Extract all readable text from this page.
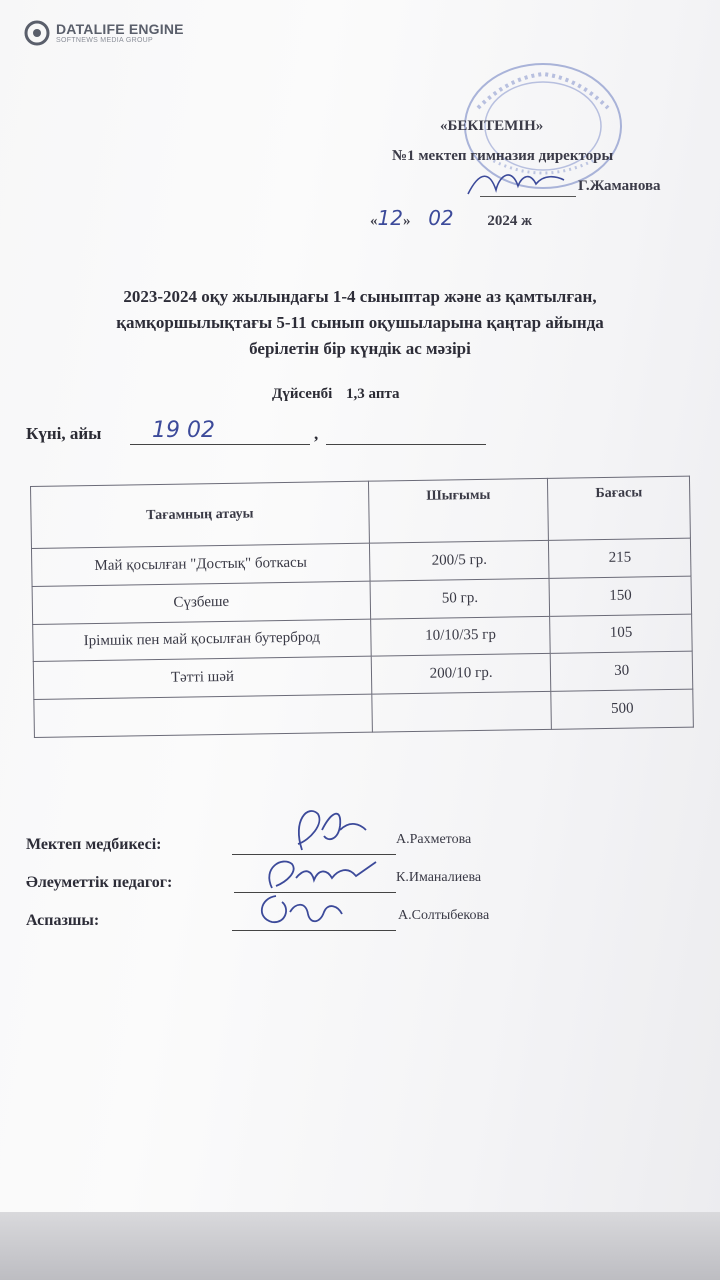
DATALIFE ENGINE
SOFTNEWS MEDIA GROUP
«БЕКІТЕМІН»
№1 мектеп гимназия директоры
Г.Жаманова
«12» 02 2024 ж
2023-2024 оқу жылындағы 1-4 сыныптар және аз қамтылған,
қамқоршылықтағы 5-11 сынып оқушыларына қаңтар айында
берілетін бір күндік ас мәзірі
Дүйсенбі 1,3 апта
Күні, айы 19 02	,
Тағамның атауы	Шығымы	Бағасы
Май қосылған "Достық" боткасы	200/5 гр.	215
Сүзбеше	50 гр.	150
Ірімшік пен май қосылған бутерброд	10/10/35 гр	105
Тәтті шәй	200/10 гр.	30
		500
Мектеп медбикесі:	А.Рахметова
Әлеуметтік педагог:	К.Иманалиева
Аспазшы:	А.Солтыбекова
